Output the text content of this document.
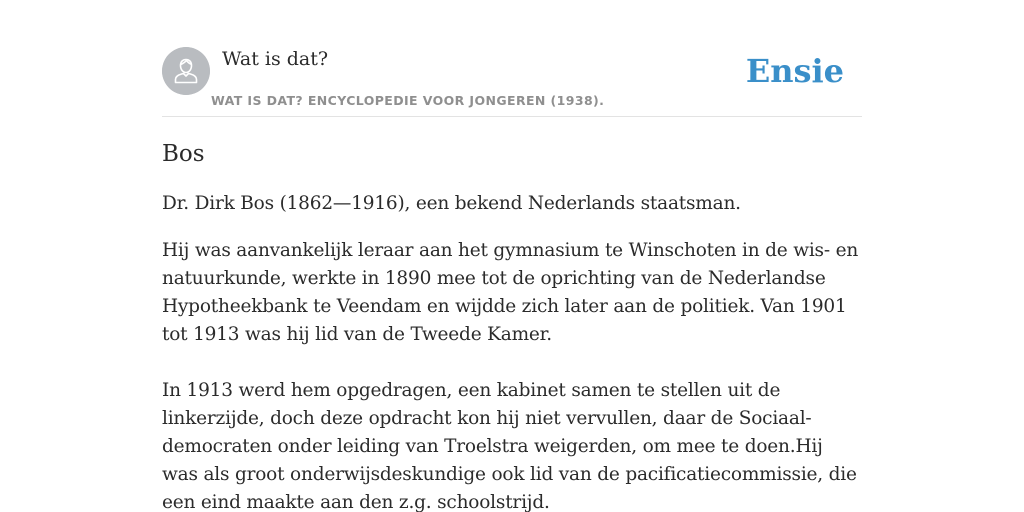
Wat is dat?
WAT IS DAT? ENCYCLOPEDIE VOOR JONGEREN (1938).
Ensie
Bos

Dr. Dirk Bos (1862—1916), een bekend Nederlands staatsman.

Hij was aanvankelijk leraar aan het gymnasium te Winschoten in de wis- en natuurkunde, werkte in 1890 mee tot de oprichting van de Nederlandse Hypotheekbank te Veendam en wijdde zich later aan de politiek. Van 1901 tot 1913 was hij lid van de Tweede Kamer.

In 1913 werd hem opgedragen, een kabinet samen te stellen uit de linkerzijde, doch deze opdracht kon hij niet vervullen, daar de Sociaal-democraten onder leiding van Troelstra weigerden, om mee te doen.Hij was als groot onderwijsdeskundige ook lid van de pacificatiecommissie, die een eind maakte aan den z.g. schoolstrijd.
